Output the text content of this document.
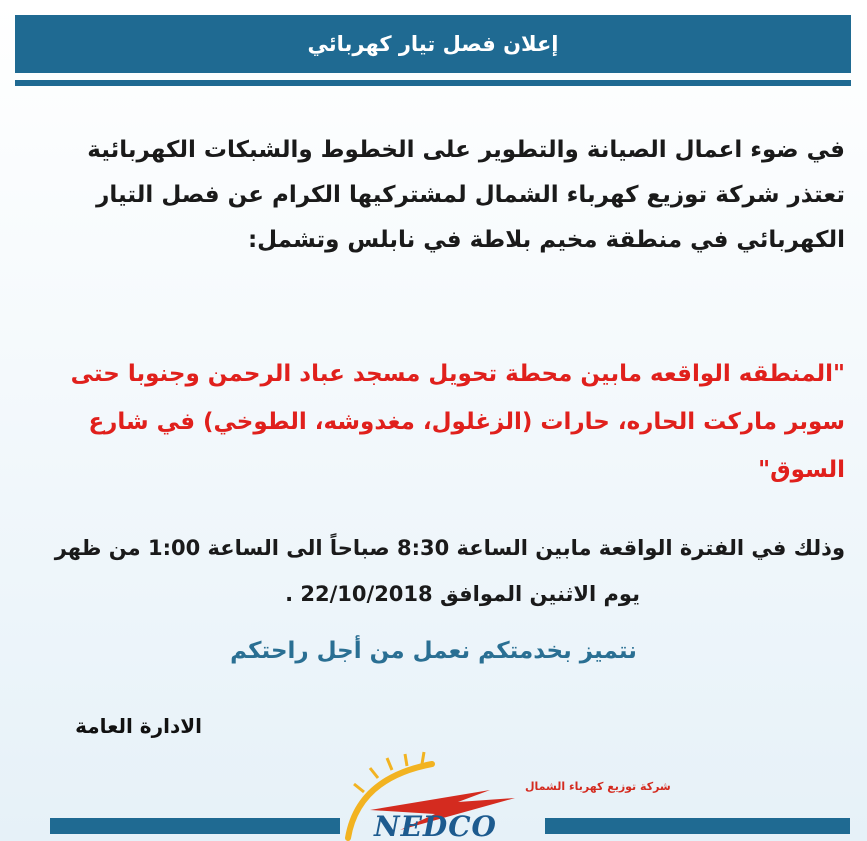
إعلان فصل تيار كهربائي
في ضوء اعمال الصيانة والتطوير على الخطوط والشبكات الكهربائية تعتذر شركة توزيع كهرباء الشمال لمشتركيها الكرام عن فصل التيار الكهربائي في منطقة مخيم بلاطة في نابلس وتشمل:
"المنطقه الواقعه مابين محطة تحويل مسجد عباد الرحمن وجنوبا حتى سوبر ماركت الحاره، حارات (الزغلول، مغدوشه، الطوخي) في شارع السوق"
وذلك في الفترة الواقعة مابين الساعة 8:30 صباحاً الى الساعة 1:00 من ظهر
يوم الاثنين الموافق 22/10/2018 .
نتميز بخدمتكم نعمل من أجل راحتكم
الادارة العامة
شركة توزيع كهرباء الشمال
NEDCO
